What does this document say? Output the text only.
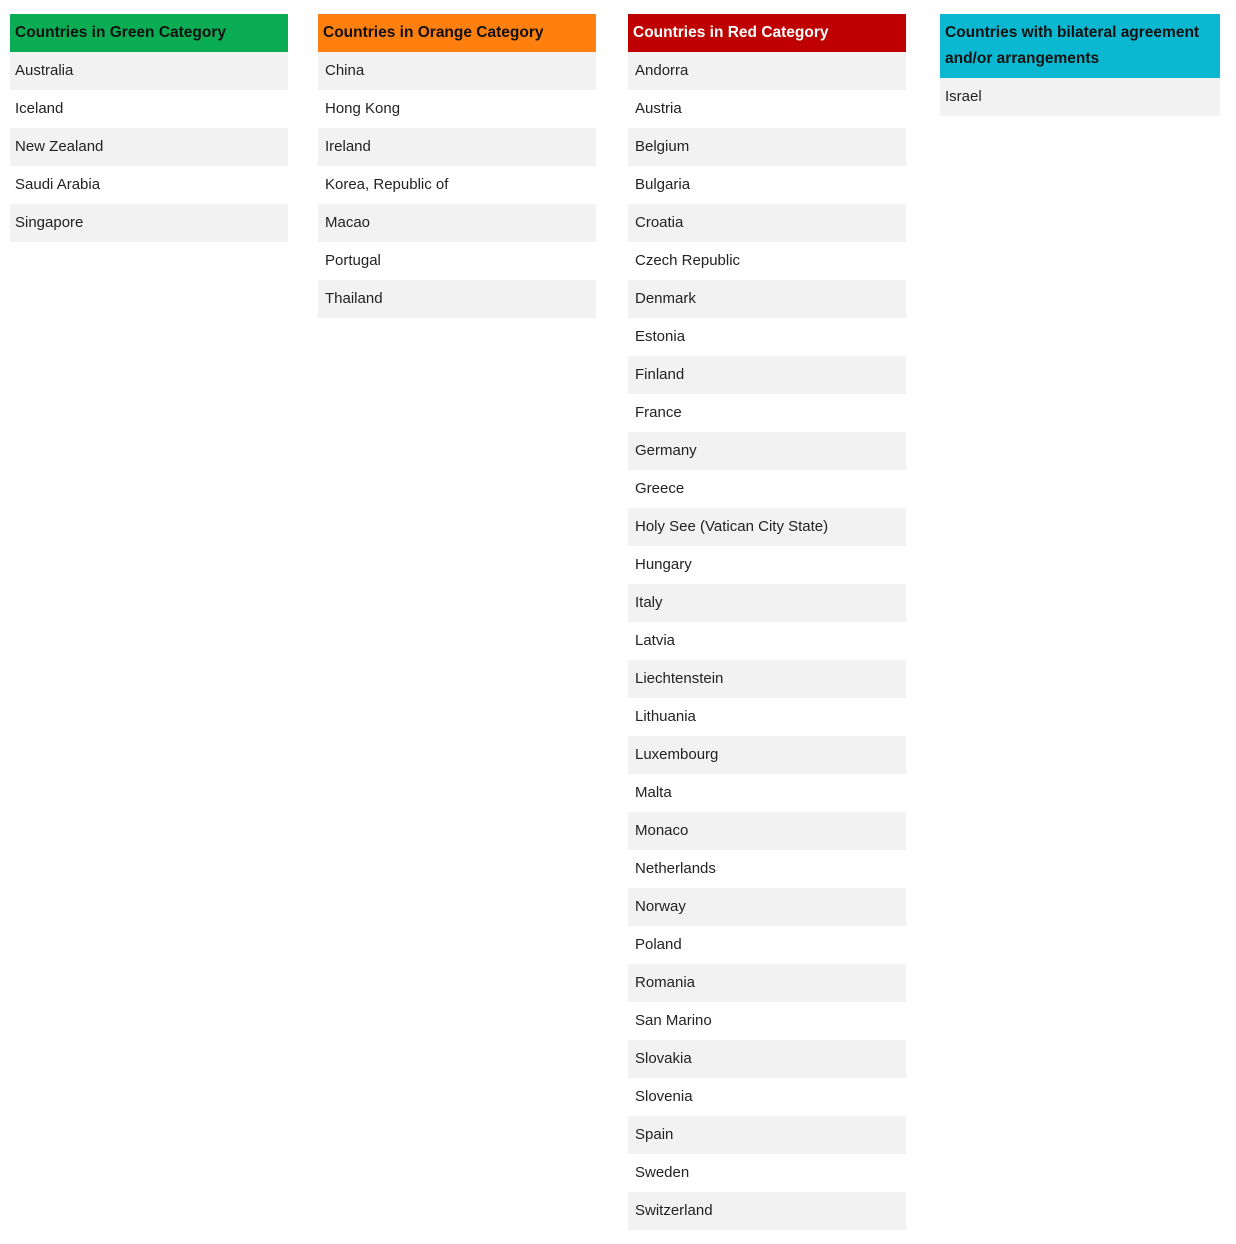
Countries in Green Category
Australia
Iceland
New Zealand
Saudi Arabia
Singapore
Countries in Orange Category
China
Hong Kong
Ireland
Korea, Republic of
Macao
Portugal
Thailand
Countries in Red Category
Andorra
Austria
Belgium
Bulgaria
Croatia
Czech Republic
Denmark
Estonia
Finland
France
Germany
Greece
Holy See (Vatican City State)
Hungary
Italy
Latvia
Liechtenstein
Lithuania
Luxembourg
Malta
Monaco
Netherlands
Norway
Poland
Romania
San Marino
Slovakia
Slovenia
Spain
Sweden
Switzerland
Countries with bilateral agreement and/or arrangements
Israel
